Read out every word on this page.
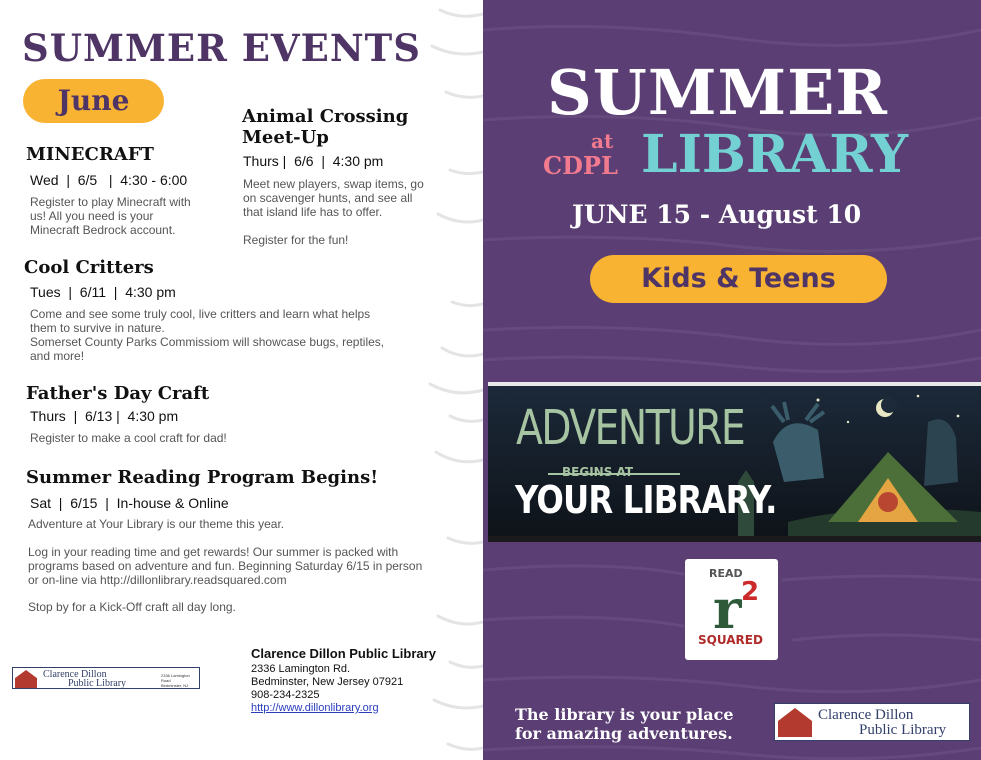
SUMMER EVENTS
June
MINECRAFT
Wed  |  6/5   |  4:30 - 6:00
Register to play Minecraft with
us! All you need is your
Minecraft Bedrock account.
Animal Crossing
Meet-Up
Thurs |  6/6  |  4:30 pm
Meet new players, swap items, go
on scavenger hunts, and see all
that island life has to offer.
Register for the fun!
Cool Critters
Tues  |  6/11  |  4:30 pm
Come and see some truly cool, live critters and learn what helps
them to survive in nature.
Somerset County Parks Commissiom will showcase bugs, reptiles,
and more!
Father's Day Craft
Thurs  |  6/13 |  4:30 pm
Register to make a cool craft for dad!
Summer Reading Program Begins!
Sat  |  6/15  |  In-house & Online
Adventure at Your Library is our theme this year.
Log in your reading time and get rewards! Our summer is packed with
programs based on adventure and fun. Beginning Saturday 6/15 in person
or on-line via http://dillonlibrary.readsquared.com
Stop by for a Kick-Off craft all day long.
Clarence Dillon
Public Library
2336 Lamington Road
Bedminster, NJ
Clarence Dillon Public Library
2336 Lamington Rd.
Bedminster, New Jersey 07921
908-234-2325
http://www.dillonlibrary.org
SUMMER
at
CDPL LIBRARY
JUNE 15 - August 10
Kids & Teens
ADVENTURE
BEGINS AT
YOUR LIBRARY.
READ
r 2
SQUARED
The library is your place
for amazing adventures.
Clarence Dillon
Public Library
